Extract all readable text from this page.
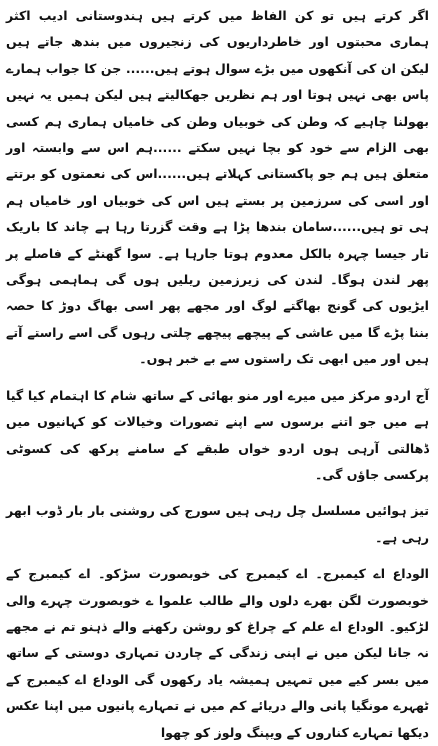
اگر کرتے ہیں تو کن الفاظ میں کرتے ہیں ہندوستانی ادیب اکثر ہماری محبتوں اور خاطرداریوں کی زنجیروں میں بندھ جاتے ہیں لیکن ان کی آنکھوں میں بڑے سوال ہوتے ہیں...... جن کا جواب ہمارے پاس بھی نہیں ہوتا اور ہم نظریں جھکالیتے ہیں لیکن ہمیں یہ نہیں بھولنا چاہیے کہ وطن کی خوبیاں وطن کی خامیاں ہماری ہم کسی بھی الزام سے خود کو بچا نہیں سکتے ......ہم اس سے وابستہ اور متعلق ہیں ہم جو پاکستانی کہلاتے ہیں......اس کی نعمتوں کو برتتے اور اسی کی سرزمین پر بستے ہیں اس کی خوبیاں اور خامیاں ہم ہی تو ہیں......سامان بندھا پڑا ہے وقت گزرتا رہا ہے چاند کا باریک تار جیسا چہرہ بالکل معدوم ہوتا جارہا ہے۔ سوا گھنٹے کے فاصلے پر پھر لندن ہوگا۔ لندن کی زیرزمین ریلیں ہوں گی ہماہمی ہوگی ایڑیوں کی گونج بھاگتے لوگ اور مجھے پھر اسی بھاگ دوڑ کا حصہ بننا پڑے گا میں عاشی کے پیچھے پیچھے چلتی رہوں گی اسے راستے آتے ہیں اور میں ابھی تک راستوں سے بے خبر ہوں۔

آج اردو مرکز میں میرے اور منو بھائی کے ساتھ شام کا اہتمام کیا گیا ہے میں جو اتنے برسوں سے اپنے تصورات وخیالات کو کہانیوں میں ڈھالتی آرہی ہوں اردو خواں طبقے کے سامنے پرکھ کی کسوٹی پرکسی جاؤں گی۔

تیز ہوائیں مسلسل چل رہی ہیں سورج کی روشنی بار بار ڈوب ابھر رہی ہے۔

الوداع اے کیمبرج۔ اے کیمبرج کی خوبصورت سڑکو۔ اے کیمبرج کے خوبصورت لگن بھرے دلوں والے طالب علموا ے خوبصورت چہرے والی لڑکیو۔ الوداع اے علم کے چراغ کو روشن رکھنے والے ذہنو تم نے مجھے نہ جانا لیکن میں نے اپنی زندگی کے چاردن تمہاری دوستی کے ساتھ میں بسر کیے میں تمہیں ہمیشہ یاد رکھوں گی الوداع اے کیمبرج کے ٹھہرے مونگیا پانی والے دریائے کم میں نے تمہارے پانیوں میں اپنا عکس دیکھا تمہارے کناروں کے ویپنگ ولوز کو چھوا
